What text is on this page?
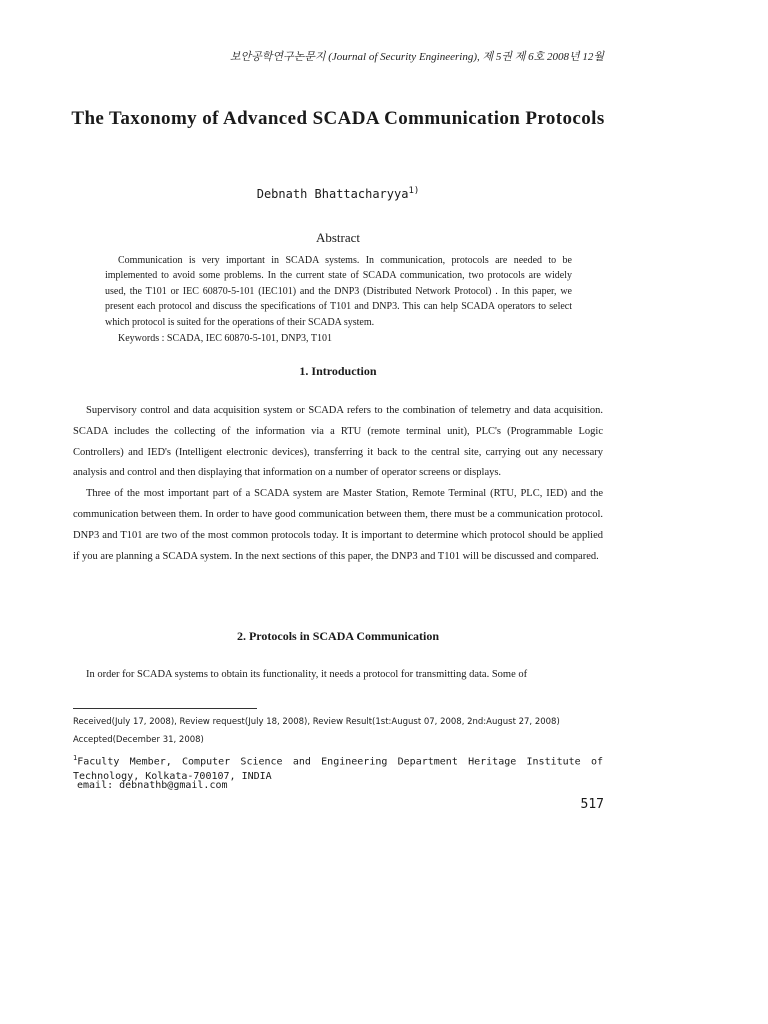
보안공학연구논문지 (Journal of Security Engineering), 제 5권 제 6호 2008년 12월
The Taxonomy of Advanced SCADA Communication Protocols
Debnath Bhattacharyya$^{1)}$
Abstract
Communication is very important in SCADA systems. In communication, protocols are needed to be implemented to avoid some problems. In the current state of SCADA communication, two protocols are widely used, the T101 or IEC 60870-5-101 (IEC101) and the DNP3 (Distributed Network Protocol) . In this paper, we present each protocol and discuss the specifications of T101 and DNP3. This can help SCADA operators to select which protocol is suited for the operations of their SCADA system.
Keywords : SCADA, IEC 60870-5-101, DNP3, T101
1. Introduction

Supervisory control and data acquisition system or SCADA refers to the combination of telemetry and data acquisition. SCADA includes the collecting of the information via a RTU (remote terminal unit), PLC's (Programmable Logic Controllers) and IED's (Intelligent electronic devices), transferring it back to the central site, carrying out any necessary analysis and control and then displaying that information on a number of operator screens or displays.

Three of the most important part of a SCADA system are Master Station, Remote Terminal (RTU, PLC, IED) and the communication between them. In order to have good communication between them, there must be a communication protocol. DNP3 and T101 are two of the most common protocols today. It is important to determine which protocol should be applied if you are planning a SCADA system. In the next sections of this paper, the DNP3 and T101 will be discussed and compared.

2. Protocols in SCADA Communication

In order for SCADA systems to obtain its functionality, it needs a protocol for transmitting data. Some of

Received(July 17, 2008), Review request(July 18, 2008), Review Result(1st:August 07, 2008, 2nd:August 27, 2008)
Accepted(December 31, 2008)
$^1$Faculty Member, Computer Science and Engineering Department Heritage Institute of Technology, Kolkata-700107, INDIA
email: debnathb@gmail.com
517
